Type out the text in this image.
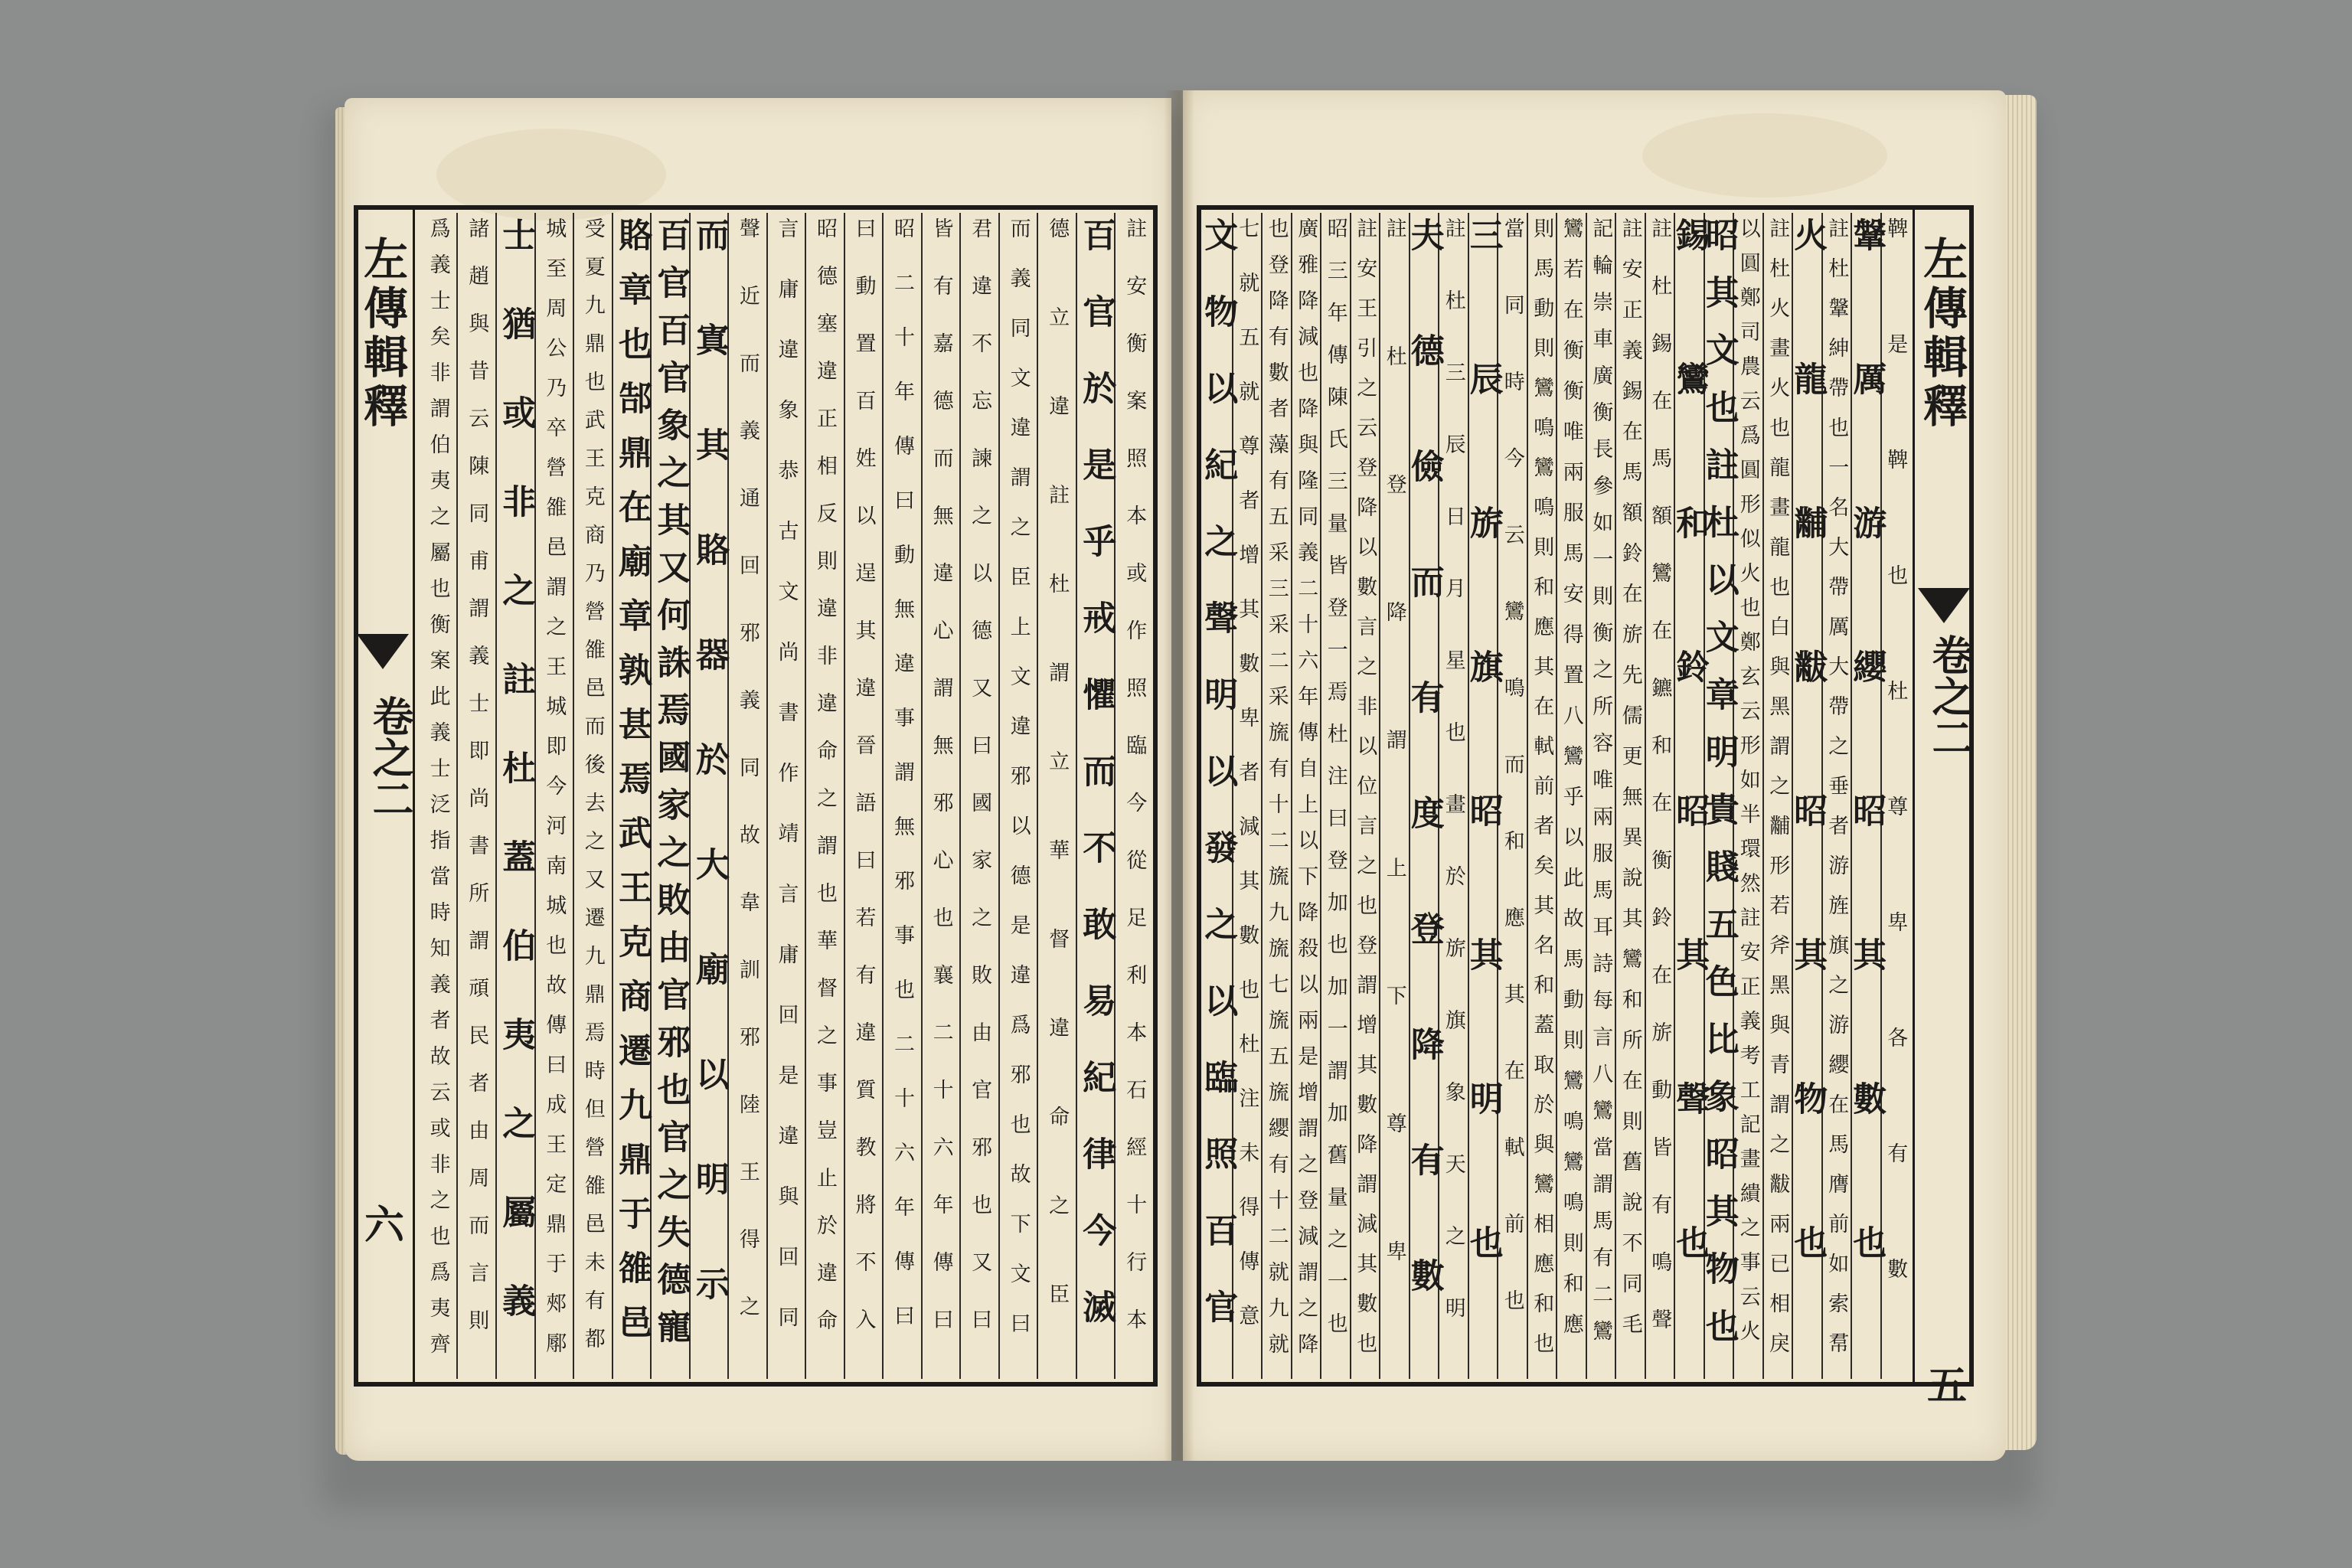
左傳輯釋
卷之二
六	註安衡案照本或作照臨今從足利本石經十行本
百官於是乎戒懼而不敢易紀律今滅
德立違註杜謂立華督違命之臣
而義同文違謂之臣上文違邪以德是違爲邪也故下文曰
君違不忘諫之以德又曰國家之敗由官邪也又曰
皆有嘉德而無違心謂無邪心也襄二十六年傳曰
昭二十年傳曰動無違事謂無邪事也二十六年傳曰
曰動置百姓以逞其違晉語曰若有違質教將不入
昭德塞違正相反則違非違命之謂也華督之事豈止於違命
言庸違象恭古文尚書作靖言庸回是違與回同
聲近而義通回邪義同故韋訓邪陸王得之
而寘其賂器於大廟以明示
百官百官象之其又何誅焉國家之敗由官邪也官之失德寵
賂章也郜鼎在廟章孰甚焉武王克商遷九鼎于雒邑
受夏九鼎也武王克商乃營雒邑而後去之又遷九鼎焉時但營雒邑未有都
城至周公乃卒營雒邑謂之王城即今河南城也故傳曰成王定鼎于郟鄏
士猶或非之註杜蓋伯夷之屬義
諸趙與昔云陳同甫謂義士即尚書所謂頑民者由周而言則
爲義士矣非謂伯夷之屬也衡案此義士泛指當時知義者故云或非之也爲夷齊	左傳輯釋
卷之二
五
鞞是鞞也杜尊卑各有數
鞶厲游纓昭其數也
註杜鞶紳帶也一名大帶厲大帶之垂者游旌旗之游纓在馬膺前如索帬
火龍黼黻昭其物也
註杜火畫火也龍畫龍也白與黑謂之黼形若斧黑與青謂之黻兩已相戾
以圓鄭司農云爲圓形似火也鄭玄云形如半環然註安正義考工記畫繢之事云火
昭其文也註杜以文章明貴賤五色比象昭其物也
錫鸞和鈴昭其聲也
註杜錫在馬額鸞在鑣和在衡鈴在旂動皆有鳴聲
註安正義錫在馬額鈴在旂先儒更無異說其鸞和所在則舊說不同毛
記輪崇車廣衡長參如一則衡之所容唯兩服馬耳詩每言八鸞當謂馬有二鸞
鸞若在衡衡唯兩服馬安得置八鸞乎以此故馬動則鸞鳴鸞鳴則和應
則馬動則鸞鳴鸞鳴則和應其在軾前者矣其名和蓋取於與鸞相應和也
當同時今云鸞鳴而和應其在軾前也
三辰旂旗昭其明也
註杜三辰日月星也畫於旂旗象天之明
夫德儉而有度登降有數
註杜登降謂上下尊卑
註安王引之云登降以數言之非以位言之也登謂增其數降謂減其數也
昭三年傳陳氏三量皆登一焉杜注曰登加也加一謂加舊量之一也
廣雅降減也降與隆同義二十六年傳自上以下降殺以兩是增謂之登減謂之降
也登降有數者藻有五采三采二采旒有十二旒九旒七旒五旒纓有十二就九就
七就五就尊者增其數卑者減其數也杜注未得傳意
文物以紀之聲明以發之以臨照百官
